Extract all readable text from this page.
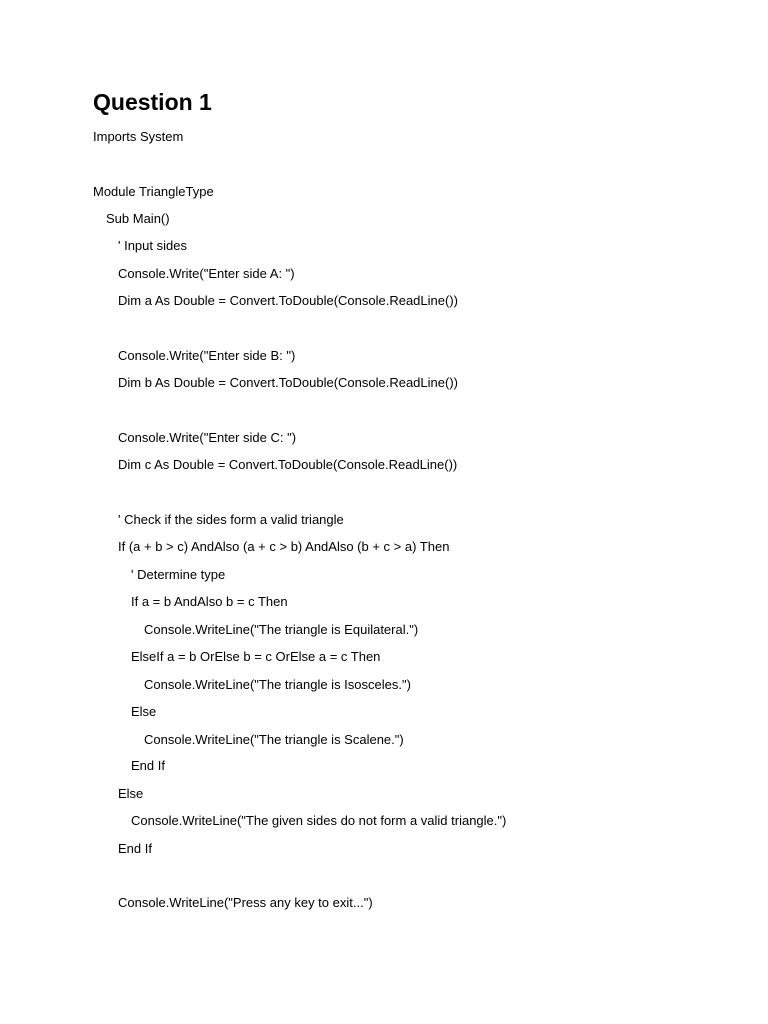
Question 1

Imports System

Module TriangleType

Sub Main()

' Input sides

Console.Write("Enter side A: ")

Dim a As Double = Convert.ToDouble(Console.ReadLine())

Console.Write("Enter side B: ")

Dim b As Double = Convert.ToDouble(Console.ReadLine())

Console.Write("Enter side C: ")

Dim c As Double = Convert.ToDouble(Console.ReadLine())

' Check if the sides form a valid triangle

If (a + b > c) AndAlso (a + c > b) AndAlso (b + c > a) Then

' Determine type

If a = b AndAlso b = c Then

Console.WriteLine("The triangle is Equilateral.")

ElseIf a = b OrElse b = c OrElse a = c Then

Console.WriteLine("The triangle is Isosceles.")

Else

Console.WriteLine("The triangle is Scalene.")

End If

Else

Console.WriteLine("The given sides do not form a valid triangle.")

End If

Console.WriteLine("Press any key to exit...")
